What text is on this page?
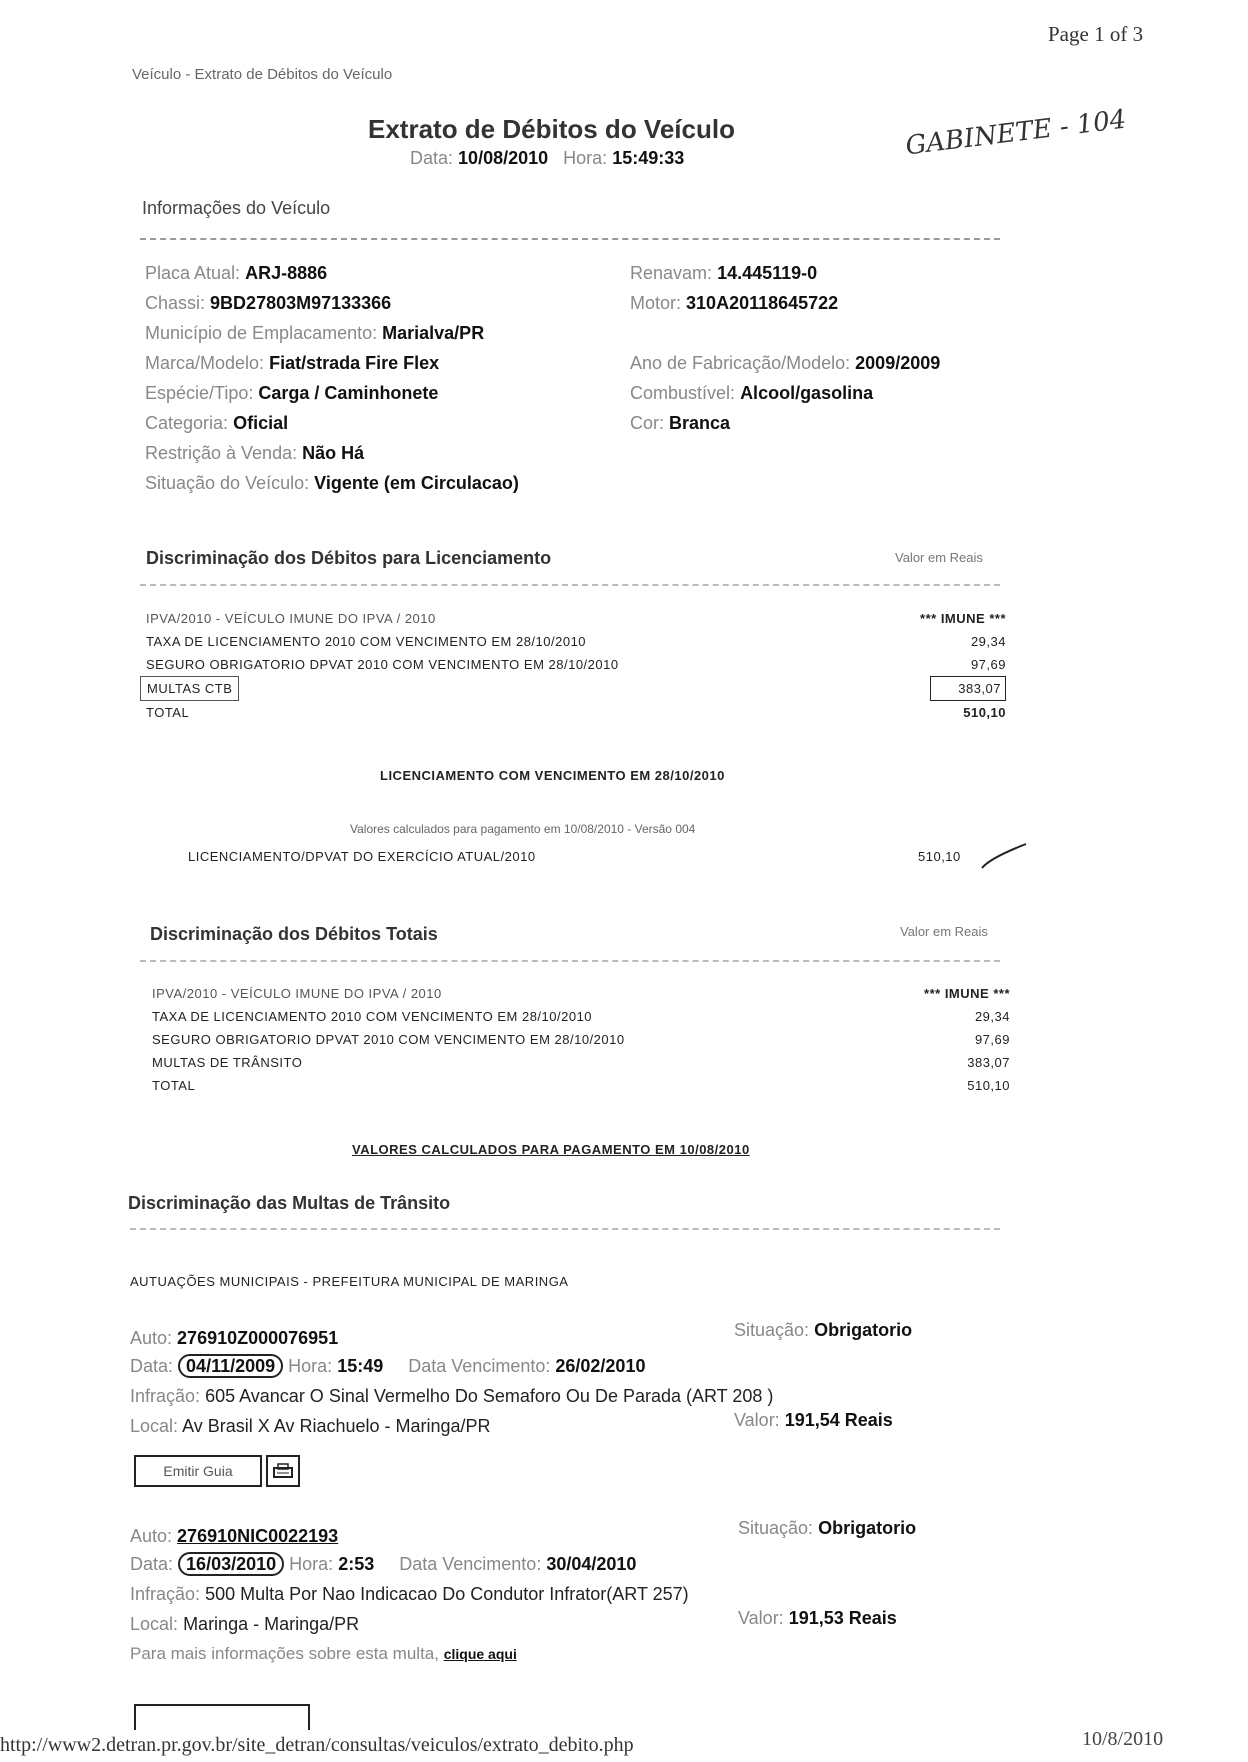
Page 1 of 3
Veículo - Extrato de Débitos do Veículo
GABINETE - 104
Extrato de Débitos do Veículo
Data: 10/08/2010 Hora: 15:49:33
Informações do Veículo
Placa Atual: ARJ-8886
Chassi: 9BD27803M97133366
Município de Emplacamento: Marialva/PR
Marca/Modelo: Fiat/strada Fire Flex
Espécie/Tipo: Carga / Caminhonete
Categoria: Oficial
Restrição à Venda: Não Há
Situação do Veículo: Vigente (em Circulacao)
Renavam: 14.445119-0
Motor: 310A20118645722
Ano de Fabricação/Modelo: 2009/2009
Combustível: Alcool/gasolina
Cor: Branca
Discriminação dos Débitos para Licenciamento	Valor em Reais
IPVA/2010 - VEÍCULO IMUNE DO IPVA / 2010	*** IMUNE ***
TAXA DE LICENCIAMENTO 2010 COM VENCIMENTO EM 28/10/2010	29,34
SEGURO OBRIGATORIO DPVAT 2010 COM VENCIMENTO EM 28/10/2010	97,69
MULTAS CTB	383,07
TOTAL	510,10
LICENCIAMENTO COM VENCIMENTO EM 28/10/2010
Valores calculados para pagamento em 10/08/2010 - Versão 004
LICENCIAMENTO/DPVAT DO EXERCÍCIO ATUAL/2010	510,10
Discriminação dos Débitos Totais	Valor em Reais
IPVA/2010 - VEÍCULO IMUNE DO IPVA / 2010	*** IMUNE ***
TAXA DE LICENCIAMENTO 2010 COM VENCIMENTO EM 28/10/2010	29,34
SEGURO OBRIGATORIO DPVAT 2010 COM VENCIMENTO EM 28/10/2010	97,69
MULTAS DE TRÂNSITO	383,07
TOTAL	510,10
VALORES CALCULADOS PARA PAGAMENTO EM 10/08/2010
Discriminação das Multas de Trânsito
AUTUAÇÕES MUNICIPAIS - PREFEITURA MUNICIPAL DE MARINGA
Auto: 276910Z000076951	Situação: Obrigatorio
Data: 04/11/2009 Hora: 15:49 Data Vencimento: 26/02/2010
Infração: 605 Avancar O Sinal Vermelho Do Semaforo Ou De Parada (ART 208 )
Local: Av Brasil X Av Riachuelo - Maringa/PR	Valor: 191,54 Reais
Emitir Guia
Auto: 276910NIC0022193	Situação: Obrigatorio
Data: 16/03/2010 Hora: 2:53 Data Vencimento: 30/04/2010
Infração: 500 Multa Por Nao Indicacao Do Condutor Infrator(ART 257)
Local: Maringa - Maringa/PR	Valor: 191,53 Reais
Para mais informações sobre esta multa, clique aqui
http://www2.detran.pr.gov.br/site_detran/consultas/veiculos/extrato_debito.php	10/8/2010
